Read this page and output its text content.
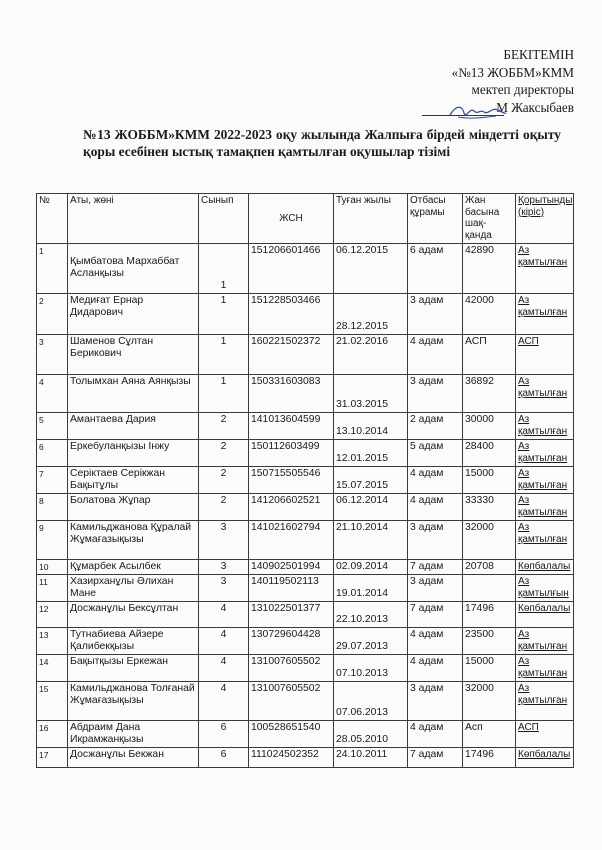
БЕКІТЕМІН
«№13 ЖОББМ»КММ
мектеп директоры
М Жаксыбаев
№13 ЖОББМ»КММ 2022-2023 оқу жылында Жалпыға бірдей міндетті оқыту қоры есебінен ыстық тамақпен қамтылған оқушылар тізімі
№	Аты, жөні	Сынып	ЖСН	Туған жылы	Отбасы құрамы	Жан басына шақ-қанда	Қорытынды (кіріс)
1	Қымбатова Мархаббат Асланқызы	1	151206601466	06.12.2015	6 адам	42890	Аз қамтылған
2	Медиғат Ернар Дидарович	1	151228503466	28.12.2015	3 адам	42000	Аз қамтылған
3	Шаменов Сұлтан Берикович	1	160221502372	21.02.2016	4 адам	АСП	АСП
4	Толымхан Аяна Аянқызы	1	150331603083	31.03.2015	3 адам	36892	Аз қамтылған
5	Амантаева Дария	2	141013604599	13.10.2014	2 адам	30000	Аз қамтылған
6	Еркебуланқызы Інжу	2	150112603499	12.01.2015	5 адам	28400	Аз қамтылған
7	Серіктаев Серікжан Бақытұлы	2	150715505546	15.07.2015	4 адам	15000	Аз қамтылған
8	Болатова Жұпар	2	141206602521	06.12.2014	4 адам	33330	Аз қамтылған
9	Камильджанова Құралай Жұмағазықызы	3	141021602794	21.10.2014	3 адам	32000	Аз қамтылған
10	Құмарбек Асылбек	3	140902501994	02.09.2014	7 адам	20708	Көпбалалы
11	Хазирханұлы Әлихан Мане	3	140119502113	19.01.2014	3 адам		Аз қамтылғын
12	Досжанұлы Бексұлтан	4	131022501377	22.10.2013	7 адам	17496	Көпбалалы
13	Тутнабиева Айзере Қалибекқызы	4	130729604428	29.07.2013	4 адам	23500	Аз қамтылған
14	Бақытқызы Еркежан	4	131007605502	07.10.2013	4 адам	15000	Аз қамтылған
15	Камильджанова Толғанай Жұмағазықызы	4	131007605502	07.06.2013	3 адам	32000	Аз қамтылған
16	Абдраим Дана Икрамжанқызы	6	100528651540	28.05.2010	4 адам	Асп	АСП
17	Досжанұлы Бекжан	6	111024502352	24.10.2011	7 адам	17496	Көпбалалы
